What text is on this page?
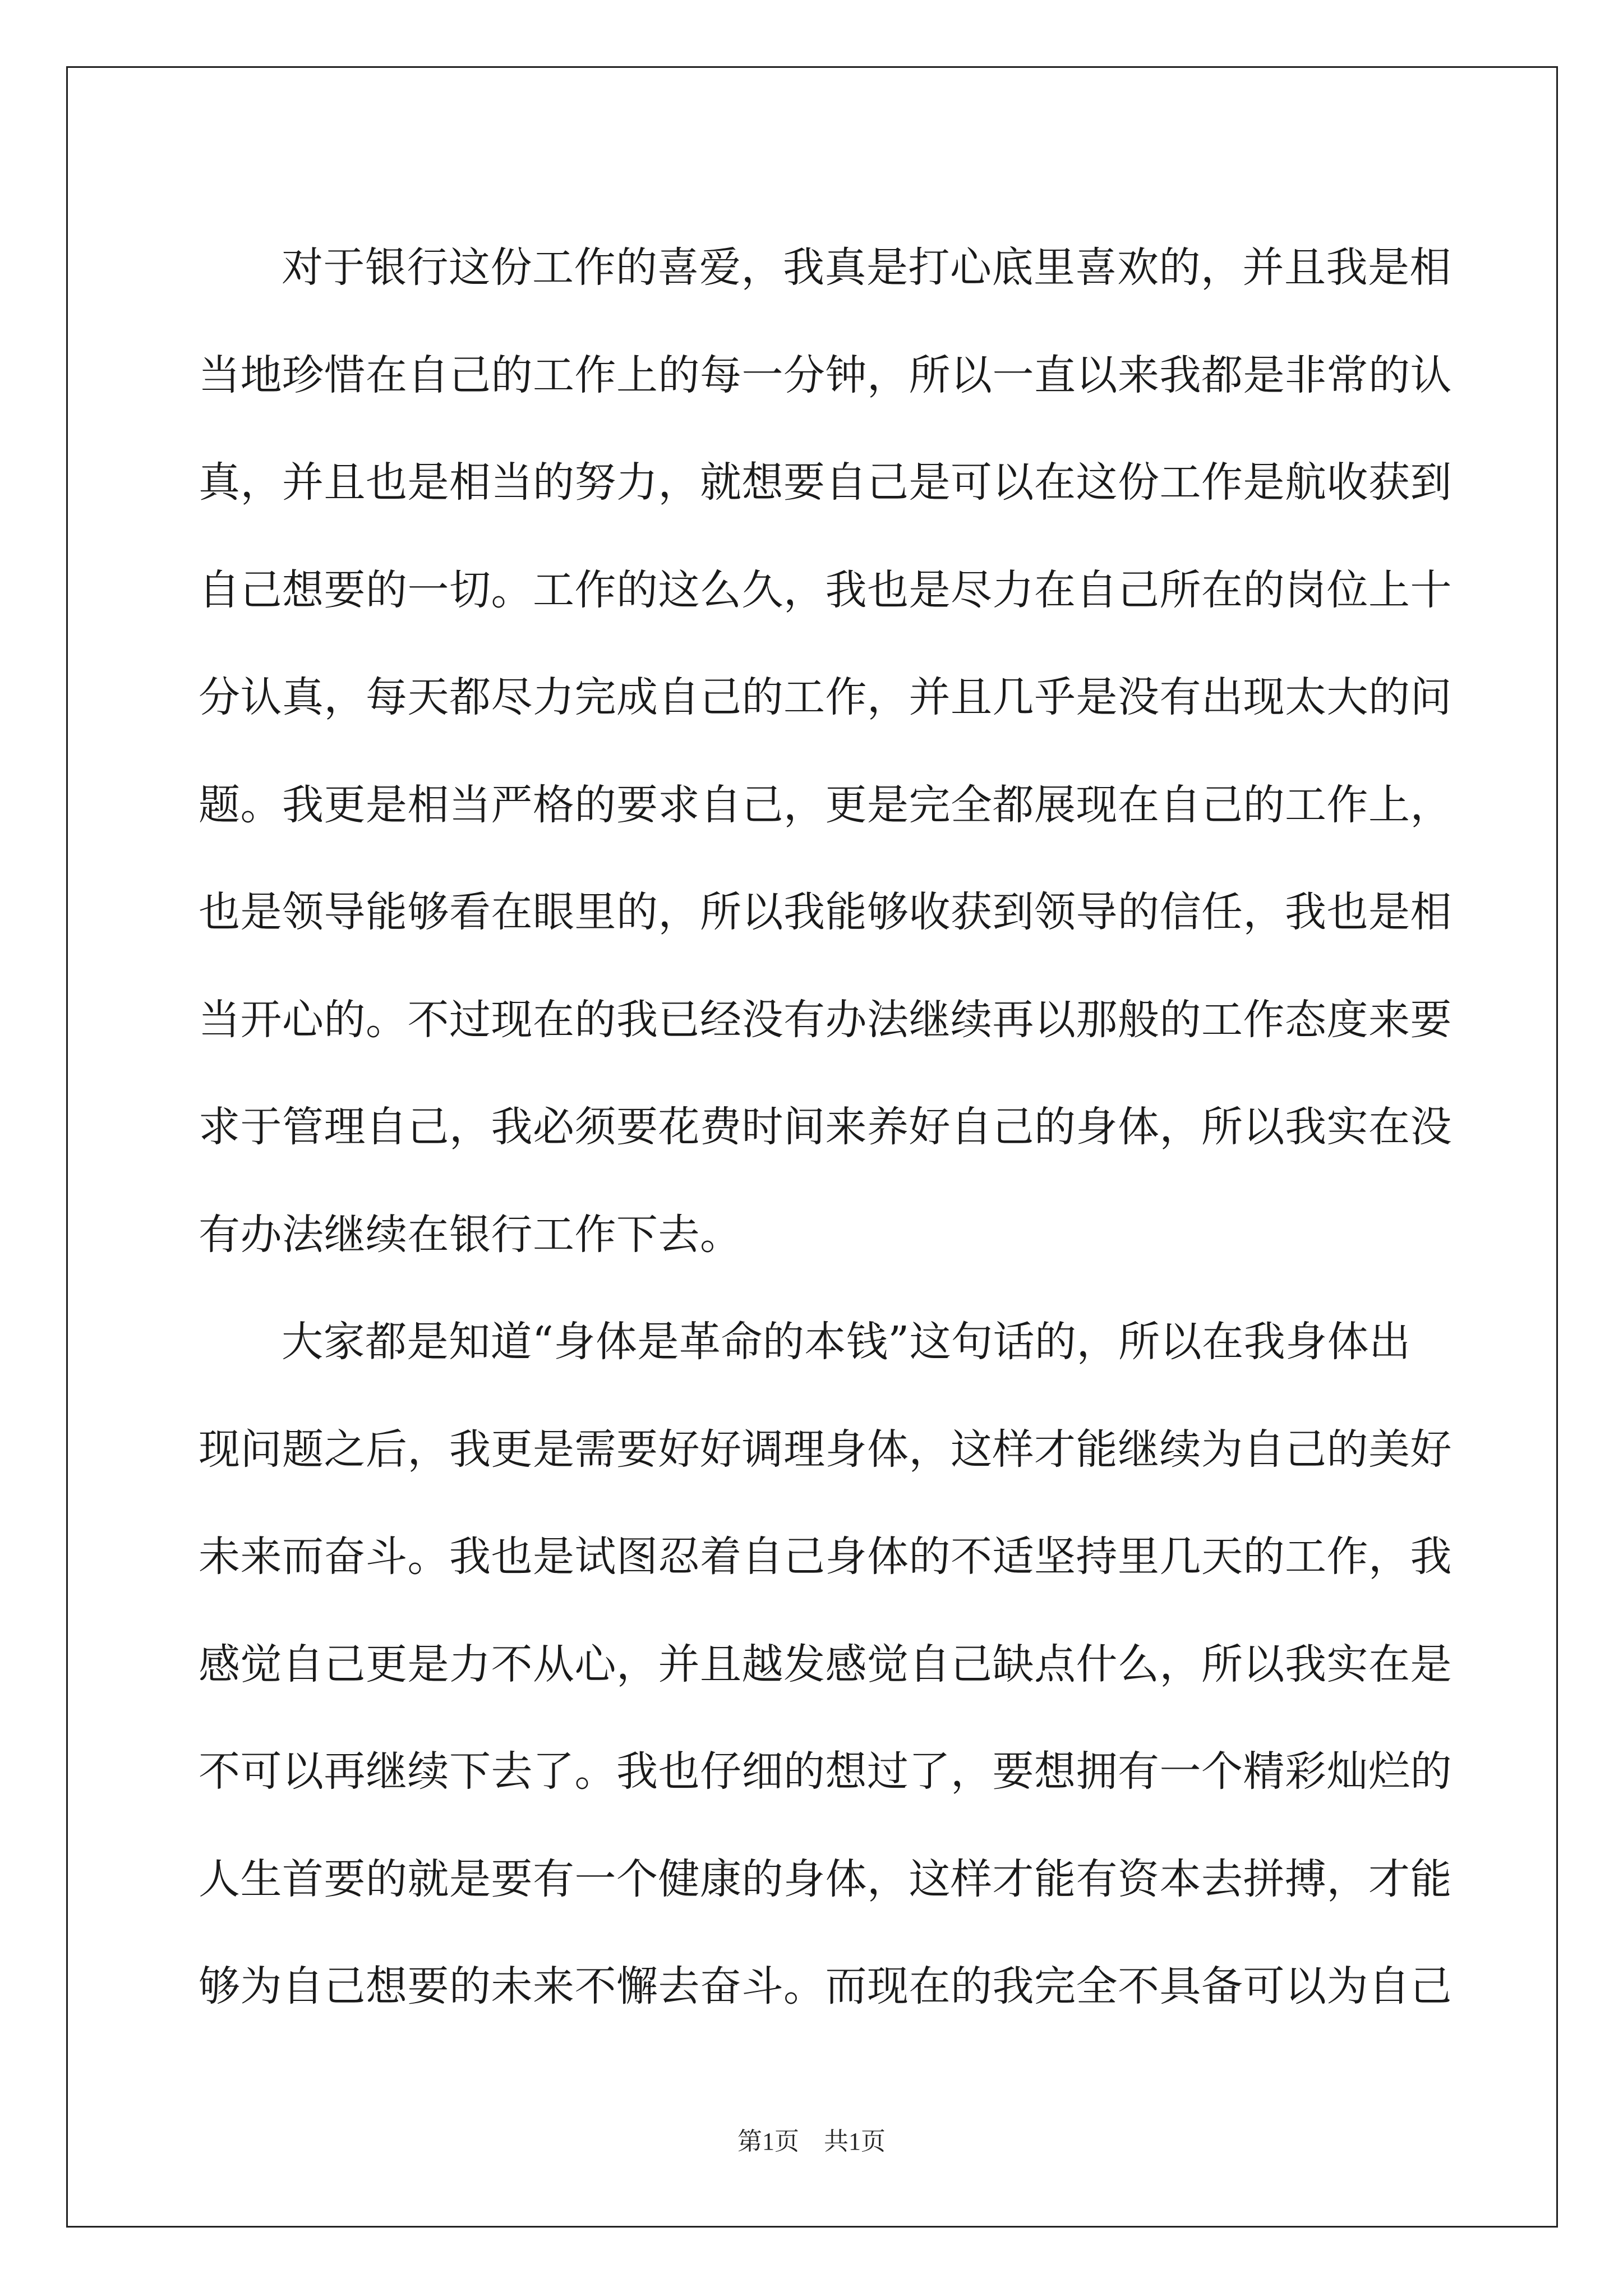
对于银行这份工作的喜爱，我真是打心底里喜欢的，并且我是相
当地珍惜在自己的工作上的每一分钟，所以一直以来我都是非常的认
真，并且也是相当的努力，就想要自己是可以在这份工作是航收获到
自己想要的一切。工作的这么久，我也是尽力在自己所在的岗位上十
分认真，每天都尽力完成自己的工作，并且几乎是没有出现太大的问
题。我更是相当严格的要求自己，更是完全都展现在自己的工作上，
也是领导能够看在眼里的，所以我能够收获到领导的信任，我也是相
当开心的。不过现在的我已经没有办法继续再以那般的工作态度来要
求于管理自己，我必须要花费时间来养好自己的身体，所以我实在没
有办法继续在银行工作下去。
大家都是知道“身体是革命的本钱”这句话的，所以在我身体出
现问题之后，我更是需要好好调理身体，这样才能继续为自己的美好
未来而奋斗。我也是试图忍着自己身体的不适坚持里几天的工作，我
感觉自己更是力不从心，并且越发感觉自己缺点什么，所以我实在是
不可以再继续下去了。我也仔细的想过了，要想拥有一个精彩灿烂的
人生首要的就是要有一个健康的身体，这样才能有资本去拼搏，才能
够为自己想要的未来不懈去奋斗。而现在的我完全不具备可以为自己
第1页 共1页
